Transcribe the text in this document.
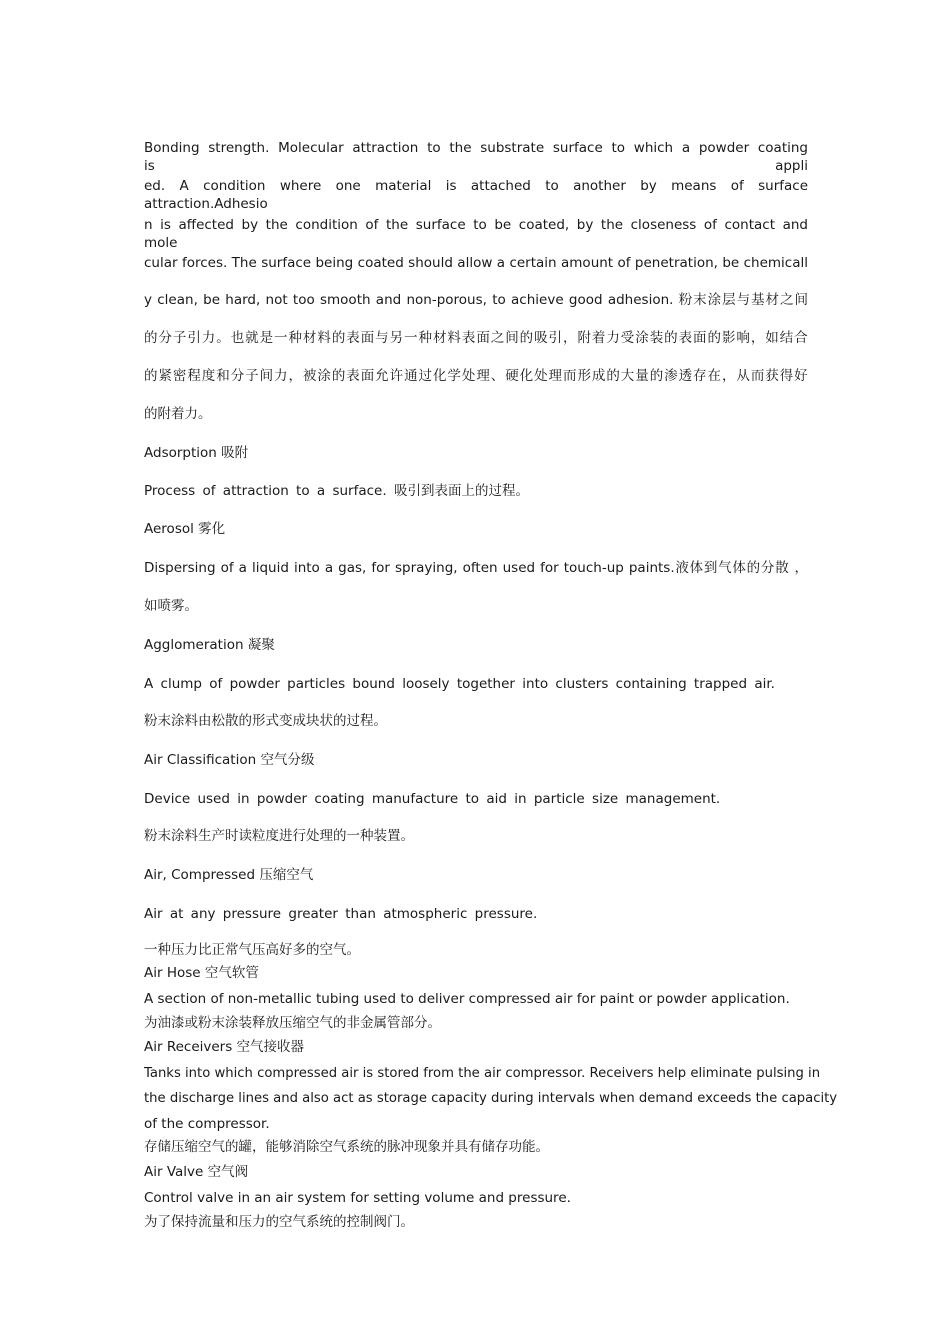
Bonding strength. Molecular attraction to the substrate surface to which a powder coating is appli
ed. A condition where one material is attached to another by means of surface attraction.Adhesio
n is affected by the condition of the surface to be coated, by the closeness of contact and mole
cular forces. The surface being coated should allow a certain amount of penetration, be chemicall
y clean, be hard, not too smooth and non-porous, to achieve good adhesion. 粉末涂层与基材之间
的分子引力。也就是一种材料的表面与另一种材料表面之间的吸引，附着力受涂装的表面的影响，如结合
的紧密程度和分子间力，被涂的表面允许通过化学处理、硬化处理而形成的大量的渗透存在，从而获得好
的附着力。
Adsorption 吸附
Process of attraction to a surface. 吸引到表面上的过程。
Aerosol 雾化
Dispersing of a liquid into a gas, for spraying, often used for touch-up paints.液体到气体的分散 ，
如喷雾。
Agglomeration 凝聚
A clump of powder particles bound loosely together into clusters containing trapped air.
粉末涂料由松散的形式变成块状的过程。
Air Classification 空气分级
Device used in powder coating manufacture to aid in particle size management.
粉末涂料生产时读粒度进行处理的一种装置。
Air, Compressed 压缩空气
Air at any pressure greater than atmospheric pressure.
一种压力比正常气压高好多的空气。
Air Hose 空气软管
A section of non-metallic tubing used to deliver compressed air for paint or powder application.
为油漆或粉末涂装释放压缩空气的非金属管部分。
Air Receivers 空气接收器
Tanks into which compressed air is stored from the air compressor. Receivers help eliminate pulsing in
the discharge lines and also act as storage capacity during intervals when demand exceeds the capacity
of the compressor.
存储压缩空气的罐，能够消除空气系统的脉冲现象并具有储存功能。
Air Valve 空气阀
Control valve in an air system for setting volume and pressure.
为了保持流量和压力的空气系统的控制阀门。
